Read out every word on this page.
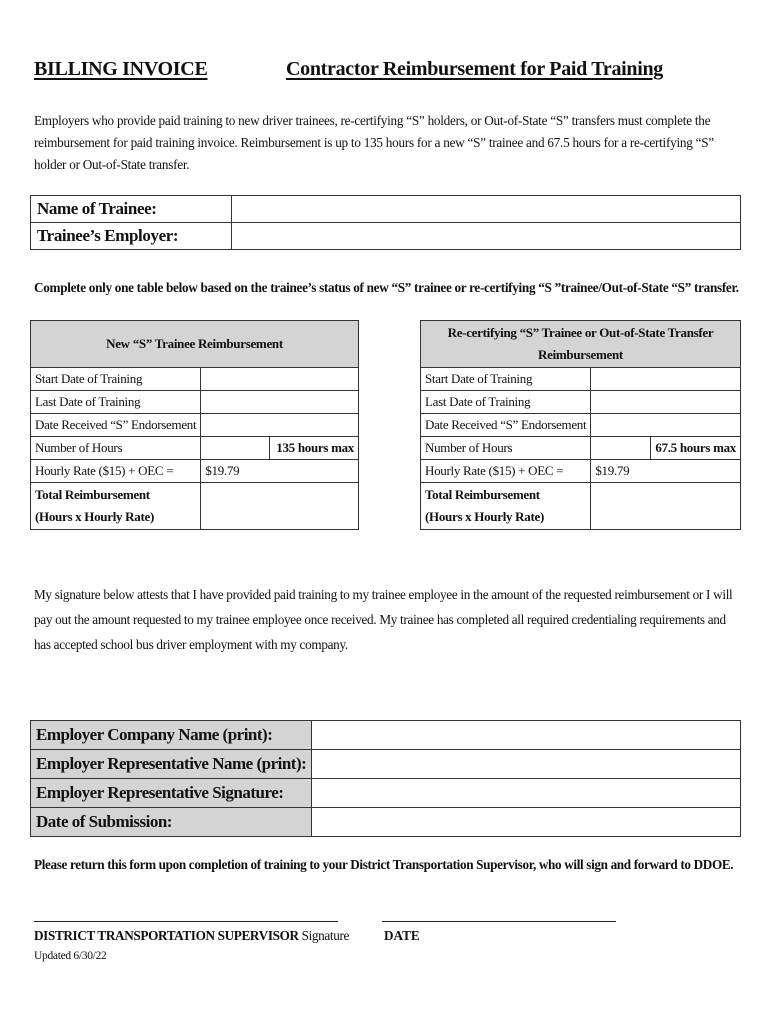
BILLING INVOICE	Contractor Reimbursement for Paid Training
Employers who provide paid training to new driver trainees, re-certifying “S” holders, or Out-of-State “S” transfers must complete the reimbursement for paid training invoice. Reimbursement is up to 135 hours for a new “S” trainee and 67.5 hours for a re-certifying “S” holder or Out-of-State transfer.
Name of Trainee:	
Trainee’s Employer:	
Complete only one table below based on the trainee’s status of new “S” trainee or re-certifying “S ”trainee/Out-of-State “S” transfer.
New “S” Trainee Reimbursement		
Start Date of Training		
Last Date of Training		
Date Received “S” Endorsement		
Number of Hours		135 hours max
Hourly Rate ($15) + OEC =	$19.79	
Total Reimbursement
(Hours x Hourly Rate)		
Re-certifying “S” Trainee or Out-of-State Transfer Reimbursement		
Start Date of Training		
Last Date of Training		
Date Received “S” Endorsement		
Number of Hours		67.5 hours max
Hourly Rate ($15) + OEC =	$19.79	
Total Reimbursement
(Hours x Hourly Rate)		
My signature below attests that I have provided paid training to my trainee employee in the amount of the requested reimbursement or I will pay out the amount requested to my trainee employee once received. My trainee has completed all required credentialing requirements and has accepted school bus driver employment with my company.
Employer Company Name (print):	
Employer Representative Name (print):	
Employer Representative Signature:	
Date of Submission:	
Please return this form upon completion of training to your District Transportation Supervisor, who will sign and forward to DDOE.
DISTRICT TRANSPORTATION SUPERVISOR Signature	DATE
Updated 6/30/22
